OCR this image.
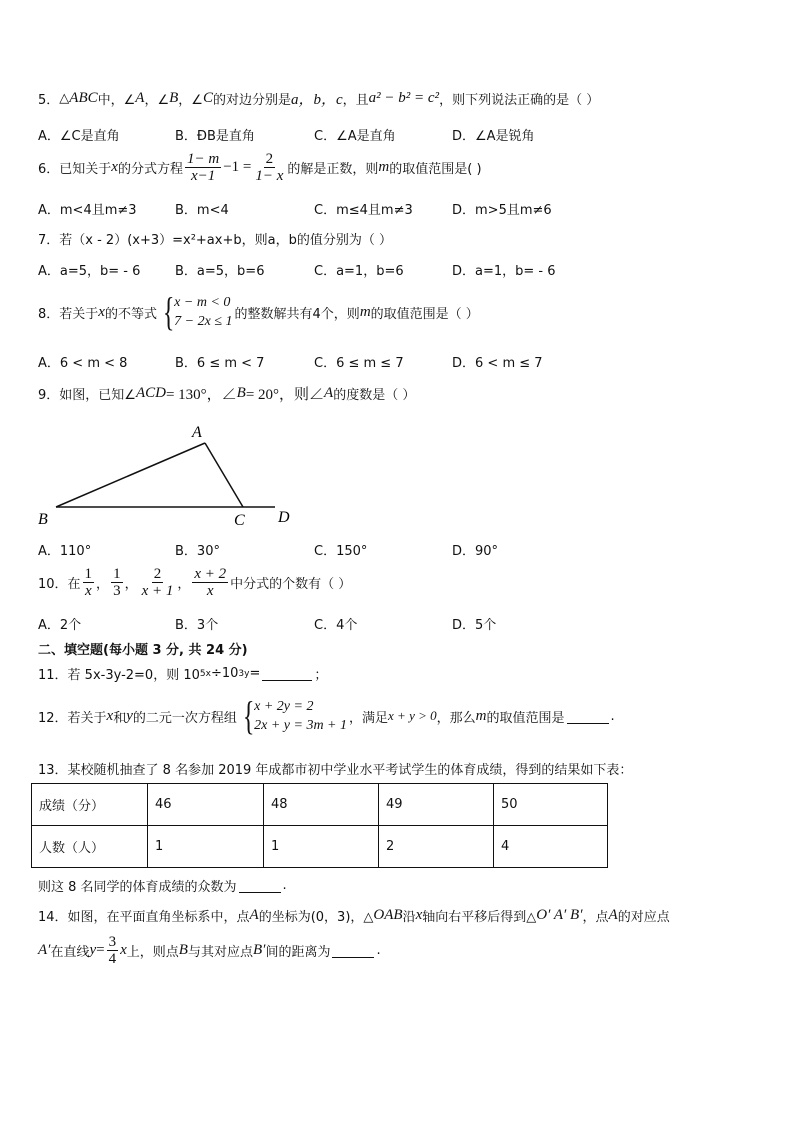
5． △ ABC 中，∠ A ，∠ B ，∠ C 的对边分别是 a，b，c ，且 a² − b² = c² ，则下列说法正确的是（ ）
A．∠C是直角	B．ÐB是直角	C．∠A是直角	D．∠A是锐角
6．已知关于 x 的分式方程 $\frac{1- m}{x-1} -1 = \frac{2}{1- x}$ 的解是正数，则 m 的取值范围是( )
A．m<4且m≠3	B．m<4	C．m≤4且m≠3	D．m>5且m≠6
7．若（x - 2）(x+3）=x²+ax+b，则a，b的值分别为（ ）
A．a=5，b= - 6	B．a=5，b=6	C．a=1，b=6	D．a=1，b= - 6
8．若关于 x 的不等式 { x − m < 0
7 − 2x ≤ 1 的整数解共有4个，则 m 的取值范围是（ ）
A．6 < m < 8	B．6 ≤ m < 7	C．6 ≤ m ≤ 7	D．6 < m ≤ 7
9．如图，已知∠ ACD = 130°，∠ B = 20°，则∠ A 的度数是（ ）
A
B	C D
A．110°	B．30°	C．150°	D．90°
10．在 $\frac{1}{x}$ ， $\frac{1}{3}$ ， $\frac{2}{x + 1}$ ， $\frac{x + 2}{x}$ 中分式的个数有（ ）
A．2个	B．3个	C．4个	D．5个
二、填空题(每小题 3 分, 共 24 分)
11．若 5x-3y-2=0，则 10 5x ÷10 3y =	；
12．若关于 x 和 y 的二元一次方程组 { x + 2y = 2
2x + y = 3m + 1 ，满足 x + y > 0 ，那么 m 的取值范围是	.
13．某校随机抽查了 8 名参加 2019 年成都市初中学业水平考试学生的体育成绩，得到的结果如下表：
成绩（分）	46	48	49	50
人数（人）	1	1	2	4
则这 8 名同学的体育成绩的众数为	.
14．如图，在平面直角坐标系中，点 A 的坐标为(0，3)，△ OAB 沿 x 轴向右平移后得到△ O′ A′ B′ ，点 A 的对应点
A′ 在直线 $y = \frac{3}{4}$ x 上，则点 B 与其对应点 B′ 间的距离为	.
